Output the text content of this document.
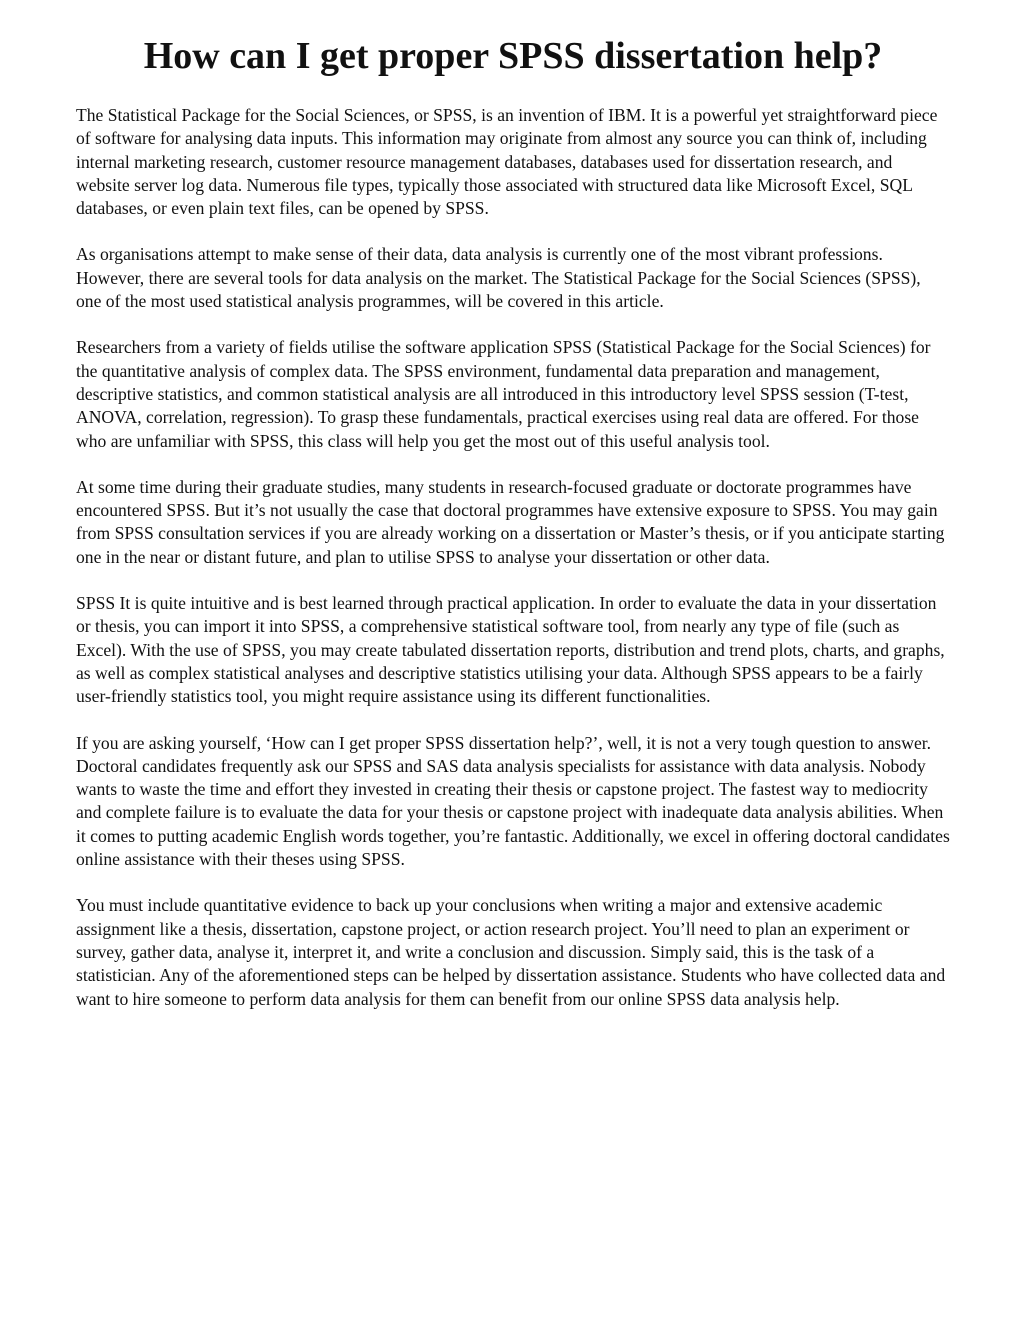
How can I get proper SPSS dissertation help?

The Statistical Package for the Social Sciences, or SPSS, is an invention of IBM. It is a powerful yet straightforward piece of software for analysing data inputs. This information may originate from almost any source you can think of, including internal marketing research, customer resource management databases, databases used for dissertation research, and website server log data. Numerous file types, typically those associated with structured data like Microsoft Excel, SQL databases, or even plain text files, can be opened by SPSS.

As organisations attempt to make sense of their data, data analysis is currently one of the most vibrant professions. However, there are several tools for data analysis on the market. The Statistical Package for the Social Sciences (SPSS), one of the most used statistical analysis programmes, will be covered in this article.

Researchers from a variety of fields utilise the software application SPSS (Statistical Package for the Social Sciences) for the quantitative analysis of complex data. The SPSS environment, fundamental data preparation and management, descriptive statistics, and common statistical analysis are all introduced in this introductory level SPSS session (T-test, ANOVA, correlation, regression). To grasp these fundamentals, practical exercises using real data are offered. For those who are unfamiliar with SPSS, this class will help you get the most out of this useful analysis tool.

At some time during their graduate studies, many students in research-focused graduate or doctorate programmes have encountered SPSS. But it’s not usually the case that doctoral programmes have extensive exposure to SPSS. You may gain from SPSS consultation services if you are already working on a dissertation or Master’s thesis, or if you anticipate starting one in the near or distant future, and plan to utilise SPSS to analyse your dissertation or other data.

SPSS It is quite intuitive and is best learned through practical application. In order to evaluate the data in your dissertation or thesis, you can import it into SPSS, a comprehensive statistical software tool, from nearly any type of file (such as Excel). With the use of SPSS, you may create tabulated dissertation reports, distribution and trend plots, charts, and graphs, as well as complex statistical analyses and descriptive statistics utilising your data. Although SPSS appears to be a fairly user-friendly statistics tool, you might require assistance using its different functionalities.

If you are asking yourself, ‘How can I get proper SPSS dissertation help?’, well, it is not a very tough question to answer. Doctoral candidates frequently ask our SPSS and SAS data analysis specialists for assistance with data analysis. Nobody wants to waste the time and effort they invested in creating their thesis or capstone project. The fastest way to mediocrity and complete failure is to evaluate the data for your thesis or capstone project with inadequate data analysis abilities. When it comes to putting academic English words together, you’re fantastic. Additionally, we excel in offering doctoral candidates online assistance with their theses using SPSS.

You must include quantitative evidence to back up your conclusions when writing a major and extensive academic assignment like a thesis, dissertation, capstone project, or action research project. You’ll need to plan an experiment or survey, gather data, analyse it, interpret it, and write a conclusion and discussion. Simply said, this is the task of a statistician. Any of the aforementioned steps can be helped by dissertation assistance. Students who have collected data and want to hire someone to perform data analysis for them can benefit from our online SPSS data analysis help.
